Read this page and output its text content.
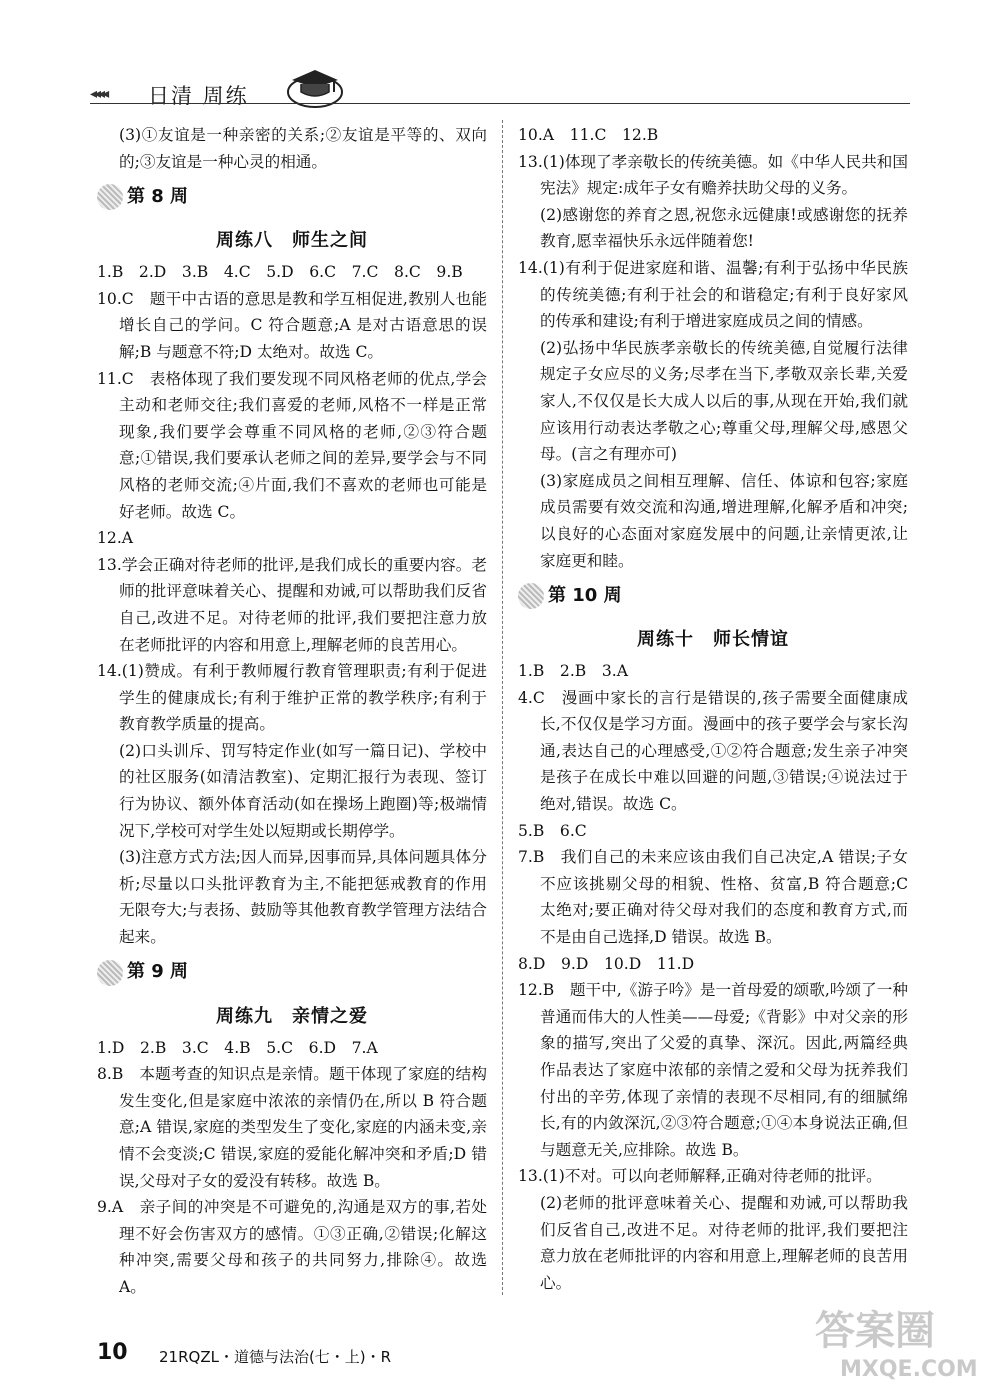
◂◂◂◂ 日清 周练

(3)①友谊是一种亲密的关系;②友谊是平等的、双向的;③友谊是一种心灵的相通。

第 8 周
周练八　师生之间

1.B　2.D　3.B　4.C　5.D　6.C　7.C　8.C　9.B

10.C　题干中古语的意思是教和学互相促进,教别人也能增长自己的学问。C 符合题意;A 是对古语意思的误解;B 与题意不符;D 太绝对。故选 C。

11.C　表格体现了我们要发现不同风格老师的优点,学会主动和老师交往;我们喜爱的老师,风格不一样是正常现象,我们要学会尊重不同风格的老师,②③符合题意;①错误,我们要承认老师之间的差异,要学会与不同风格的老师交流;④片面,我们不喜欢的老师也可能是好老师。故选 C。

12.A

13.学会正确对待老师的批评,是我们成长的重要内容。老师的批评意味着关心、提醒和劝诫,可以帮助我们反省自己,改进不足。对待老师的批评,我们要把注意力放在老师批评的内容和用意上,理解老师的良苦用心。

14.(1)赞成。有利于教师履行教育管理职责;有利于促进学生的健康成长;有利于维护正常的教学秩序;有利于教育教学质量的提高。

(2)口头训斥、罚写特定作业(如写一篇日记)、学校中的社区服务(如清洁教室)、定期汇报行为表现、签订行为协议、额外体育活动(如在操场上跑圈)等;极端情况下,学校可对学生处以短期或长期停学。

(3)注意方式方法;因人而异,因事而异,具体问题具体分析;尽量以口头批评教育为主,不能把惩戒教育的作用无限夸大;与表扬、鼓励等其他教育教学管理方法结合起来。

第 9 周
周练九　亲情之爱

1.D　2.B　3.C　4.B　5.C　6.D　7.A

8.B　本题考查的知识点是亲情。题干体现了家庭的结构发生变化,但是家庭中浓浓的亲情仍在,所以 B 符合题意;A 错误,家庭的类型发生了变化,家庭的内涵未变,亲情不会变淡;C 错误,家庭的爱能化解冲突和矛盾;D 错误,父母对子女的爱没有转移。故选 B。

9.A　亲子间的冲突是不可避免的,沟通是双方的事,若处理不好会伤害双方的感情。①③正确,②错误;化解这种冲突,需要父母和孩子的共同努力,排除④。故选 A。

10.A　11.C　12.B

13.(1)体现了孝亲敬长的传统美德。如《中华人民共和国宪法》规定:成年子女有赡养扶助父母的义务。

(2)感谢您的养育之恩,祝您永远健康!或感谢您的抚养教育,愿幸福快乐永远伴随着您!

14.(1)有利于促进家庭和谐、温馨;有利于弘扬中华民族的传统美德;有利于社会的和谐稳定;有利于良好家风的传承和建设;有利于增进家庭成员之间的情感。

(2)弘扬中华民族孝亲敬长的传统美德,自觉履行法律规定子女应尽的义务;尽孝在当下,孝敬双亲长辈,关爱家人,不仅仅是长大成人以后的事,从现在开始,我们就应该用行动表达孝敬之心;尊重父母,理解父母,感恩父母。(言之有理亦可)

(3)家庭成员之间相互理解、信任、体谅和包容;家庭成员需要有效交流和沟通,增进理解,化解矛盾和冲突;以良好的心态面对家庭发展中的问题,让亲情更浓,让家庭更和睦。

第 10 周
周练十　师长情谊

1.B　2.B　3.A

4.C　漫画中家长的言行是错误的,孩子需要全面健康成长,不仅仅是学习方面。漫画中的孩子要学会与家长沟通,表达自己的心理感受,①②符合题意;发生亲子冲突是孩子在成长中难以回避的问题,③错误;④说法过于绝对,错误。故选 C。

5.B　6.C

7.B　我们自己的未来应该由我们自己决定,A 错误;子女不应该挑剔父母的相貌、性格、贫富,B 符合题意;C 太绝对;要正确对待父母对我们的态度和教育方式,而不是由自己选择,D 错误。故选 B。

8.D　9.D　10.D　11.D

12.B　题干中,《游子吟》是一首母爱的颂歌,吟颂了一种普通而伟大的人性美——母爱;《背影》中对父亲的形象的描写,突出了父爱的真挚、深沉。因此,两篇经典作品表达了家庭中浓郁的亲情之爱和父母为抚养我们付出的辛劳,体现了亲情的表现不尽相同,有的细腻绵长,有的内敛深沉,②③符合题意;①④本身说法正确,但与题意无关,应排除。故选 B。

13.(1)不对。可以向老师解释,正确对待老师的批评。

(2)老师的批评意味着关心、提醒和劝诫,可以帮助我们反省自己,改进不足。对待老师的批评,我们要把注意力放在老师批评的内容和用意上,理解老师的良苦用心。

10 21RQZL・道德与法治(七・上)・R
答案圈
MXQE.COM
